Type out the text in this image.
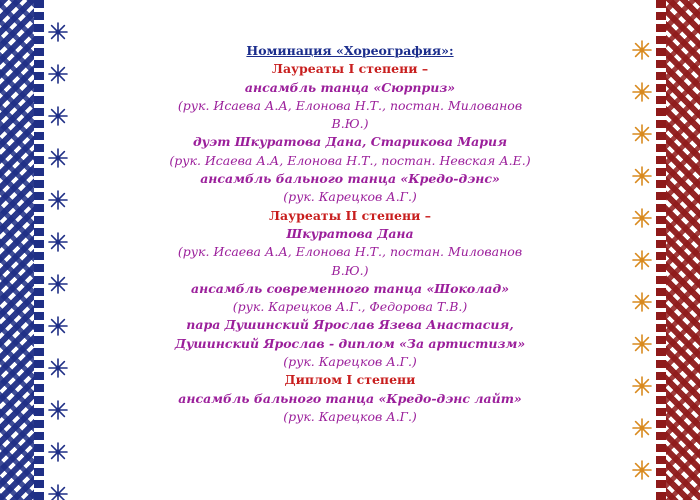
Номинация «Хореография»:
Лауреаты I степени –
ансамбль танца «Сюрприз»
(рук. Исаева А.А, Елонова Н.Т., постан. Милованов
В.Ю.)
дуэт Шкуратова Дана, Старикова Мария
(рук. Исаева А.А, Елонова Н.Т., постан. Невская А.Е.)
ансамбль бального танца «Кредо-дэнс»
(рук. Карецков А.Г.)
Лауреаты II степени –
Шкуратова Дана
(рук. Исаева А.А, Елонова Н.Т., постан. Милованов
В.Ю.)
ансамбль современного танца «Шоколад»
(рук. Карецков А.Г., Федорова Т.В.)
пара Душинский Ярослав Язева Анастасия,
Душинский Ярослав - диплом «За артистизм»
(рук. Карецков А.Г.)
Диплом I степени
ансамбль бального танца «Кредо-дэнс лайт»
(рук. Карецков А.Г.)
